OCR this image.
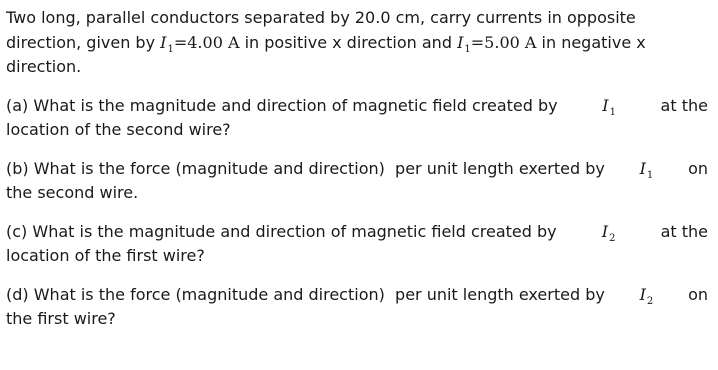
Two long, parallel conductors separated by 20.0 cm, carry currents in opposite
direction, given by $I_1=4.00$ A in positive x direction and $I_1=5.00$ A in negative x
direction.
(a) What is the magnitude and direction of magnetic field created by $I_1$ at the
location of the second wire?
(b) What is the force (magnitude and direction)  per unit length exerted by $I_1$ on
the second wire.
(c) What is the magnitude and direction of magnetic field created by	$I_2$	at the
location of the first wire?
(d) What is the force (magnitude and direction)  per unit length exerted by $I_2$ on
the first wire?
